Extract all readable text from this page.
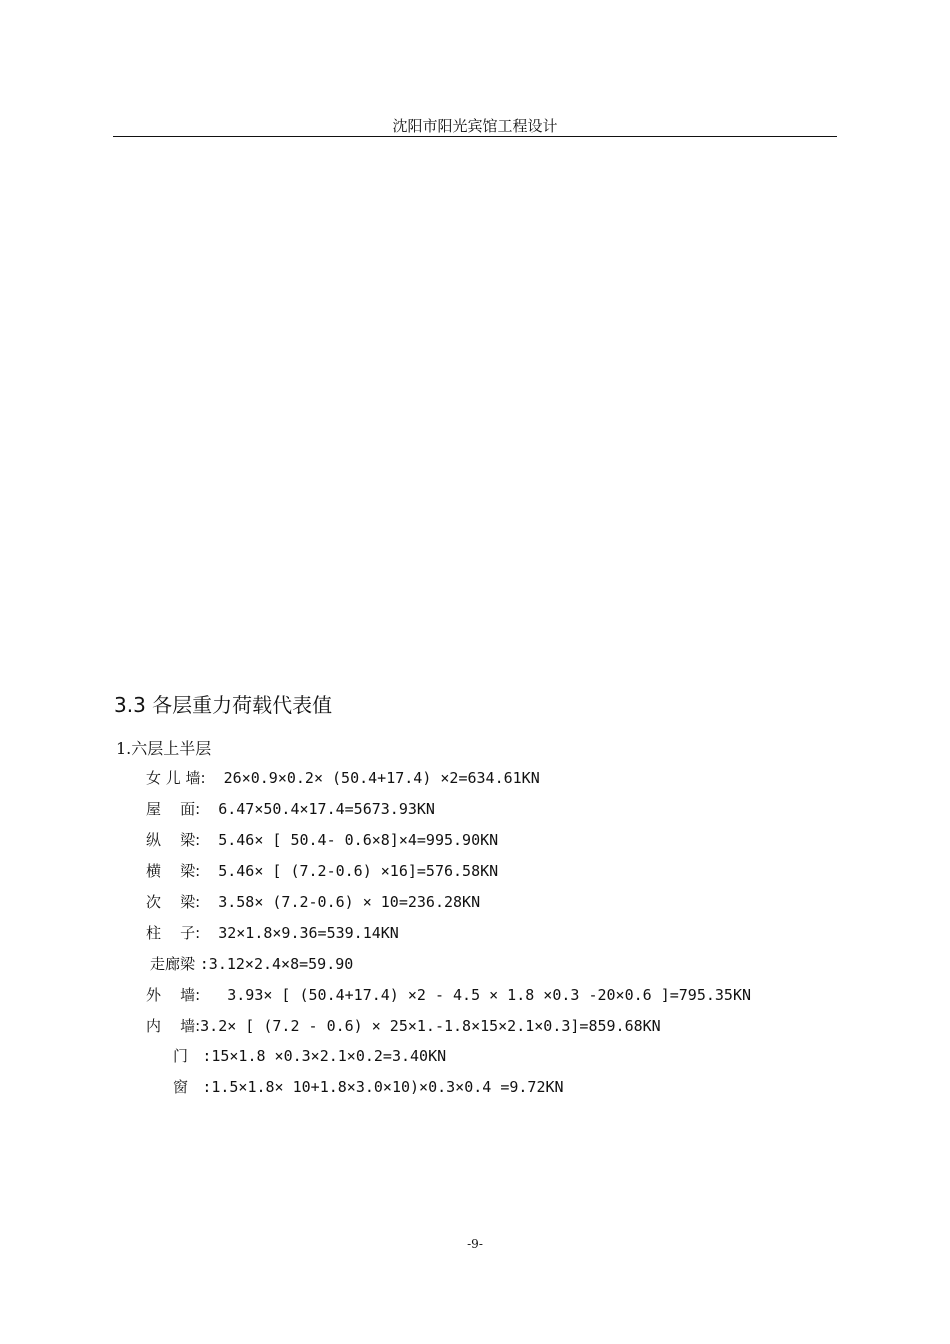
沈阳市阳光宾馆工程设计
3.3 各层重力荷载代表值
1.六层上半层
女 儿 墙:  26×0.9×0.2× (50.4+17.4) ×2=634.61KN
屋    面:  6.47×50.4×17.4=5673.93KN
纵    梁:  5.46× [ 50.4- 0.6×8]×4=995.90KN
横    梁:  5.46× [ (7.2-0.6) ×16]=576.58KN
次    梁:  3.58× (7.2-0.6) × 10=236.28KN
柱    子:  32×1.8×9.36=539.14KN
走廊梁 :3.12×2.4×8=59.90
外    墙:   3.93× [ (50.4+17.4) ×2 - 4.5 × 1.8 ×0.3 -20×0.6 ]=795.35KN
内    墙:3.2× [ (7.2 - 0.6) × 25×1.-1.8×15×2.1×0.3]=859.68KN
门   :15×1.8 ×0.3×2.1×0.2=3.40KN
窗   :1.5×1.8× 10+1.8×3.0×10)×0.3×0.4 =9.72KN
-9-
